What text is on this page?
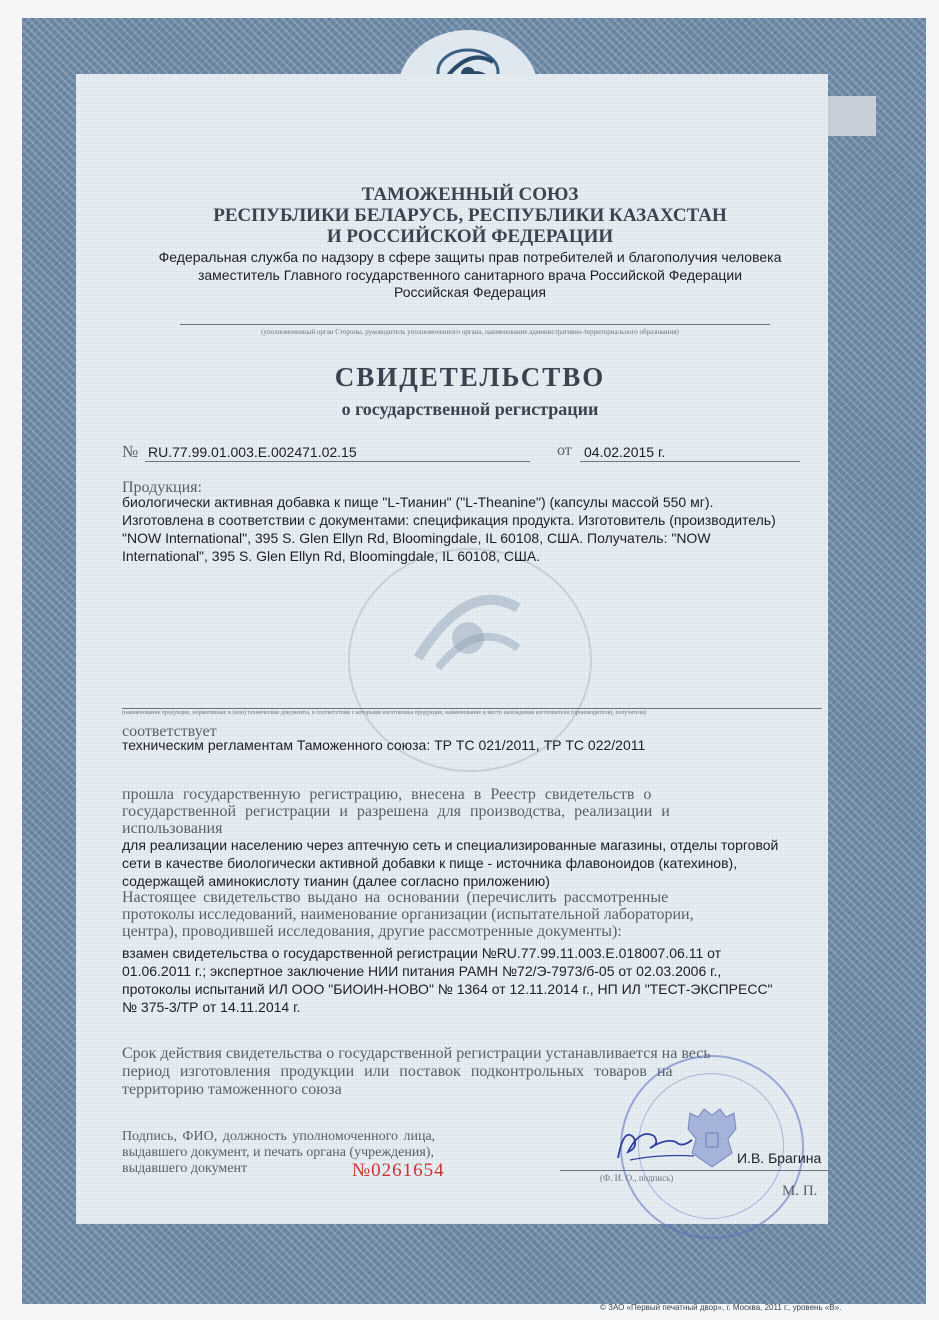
ТАМОЖЕННЫЙ СОЮЗ

РЕСПУБЛИКИ БЕЛАРУСЬ, РЕСПУБЛИКИ КАЗАХСТАН

И РОССИЙСКОЙ ФЕДЕРАЦИИ

Федеральная служба по надзору в сфере защиты прав потребителей и благополучия человека

заместитель Главного государственного санитарного врача Российской Федерации

Российская Федерация

(уполномоченный орган Стороны, руководитель уполномоченного органа, наименование административно-территориального образования)

СВИДЕТЕЛЬСТВО

о государственной регистрации

№ RU.77.99.01.003.E.002471.02.15	от 04.02.2015 г.

Продукция:

биологически активная добавка к пище "L-Тианин" ("L-Theanine") (капсулы массой 550 мг).

Изготовлена в соответствии с документами: спецификация продукта. Изготовитель (производитель)

"NOW International", 395 S. Glen Ellyn Rd, Bloomingdale, IL 60108, США. Получатель: "NOW

International", 395 S. Glen Ellyn Rd, Bloomingdale, IL 60108, США.

(наименование продукции, нормативные и (или) технические документы, в соответствии с которыми изготовлена продукция, наименование и место нахождения изготовителя (производителя), получателя)

соответствует

техническим регламентам Таможенного союза: ТР ТС 021/2011, ТР ТС 022/2011

прошла государственную регистрацию, внесена в Реестр свидетельств о

государственной регистрации и разрешена для производства, реализации и

использования

для реализации населению через аптечную сеть и специализированные магазины, отделы торговой

сети в качестве биологически активной добавки к пище - источника флавоноидов (катехинов),

содержащей аминокислоту тианин (далее согласно приложению)

Настоящее свидетельство выдано на основании (перечислить рассмотренные

протоколы исследований, наименование организации (испытательной лаборатории,

центра), проводившей исследования, другие рассмотренные документы):

взамен свидетельства о государственной регистрации №RU.77.99.11.003.Е.018007.06.11 от

01.06.2011 г.; экспертное заключение НИИ питания РАМН №72/Э-7973/б-05 от 02.03.2006 г.,

протоколы испытаний ИЛ ООО "БИОИН-НОВО" № 1364 от 12.11.2014 г., НП ИЛ "ТЕСТ-ЭКСПРЕСС"

№ 375-3/ТР от 14.11.2014 г.

Срок действия свидетельства о государственной регистрации устанавливается на весь

период изготовления продукции или поставок подконтрольных товаров на

территорию таможенного союза

Подпись, ФИО, должность уполномоченного лица,

выдавшего документ, и печать органа (учреждения),

выдавшего документ

И.В. Брагина

(Ф. И. О., подпись)

М. П.

№0261654

© ЗАО «Первый печатный двор», г. Москва, 2011 г., уровень «В».
